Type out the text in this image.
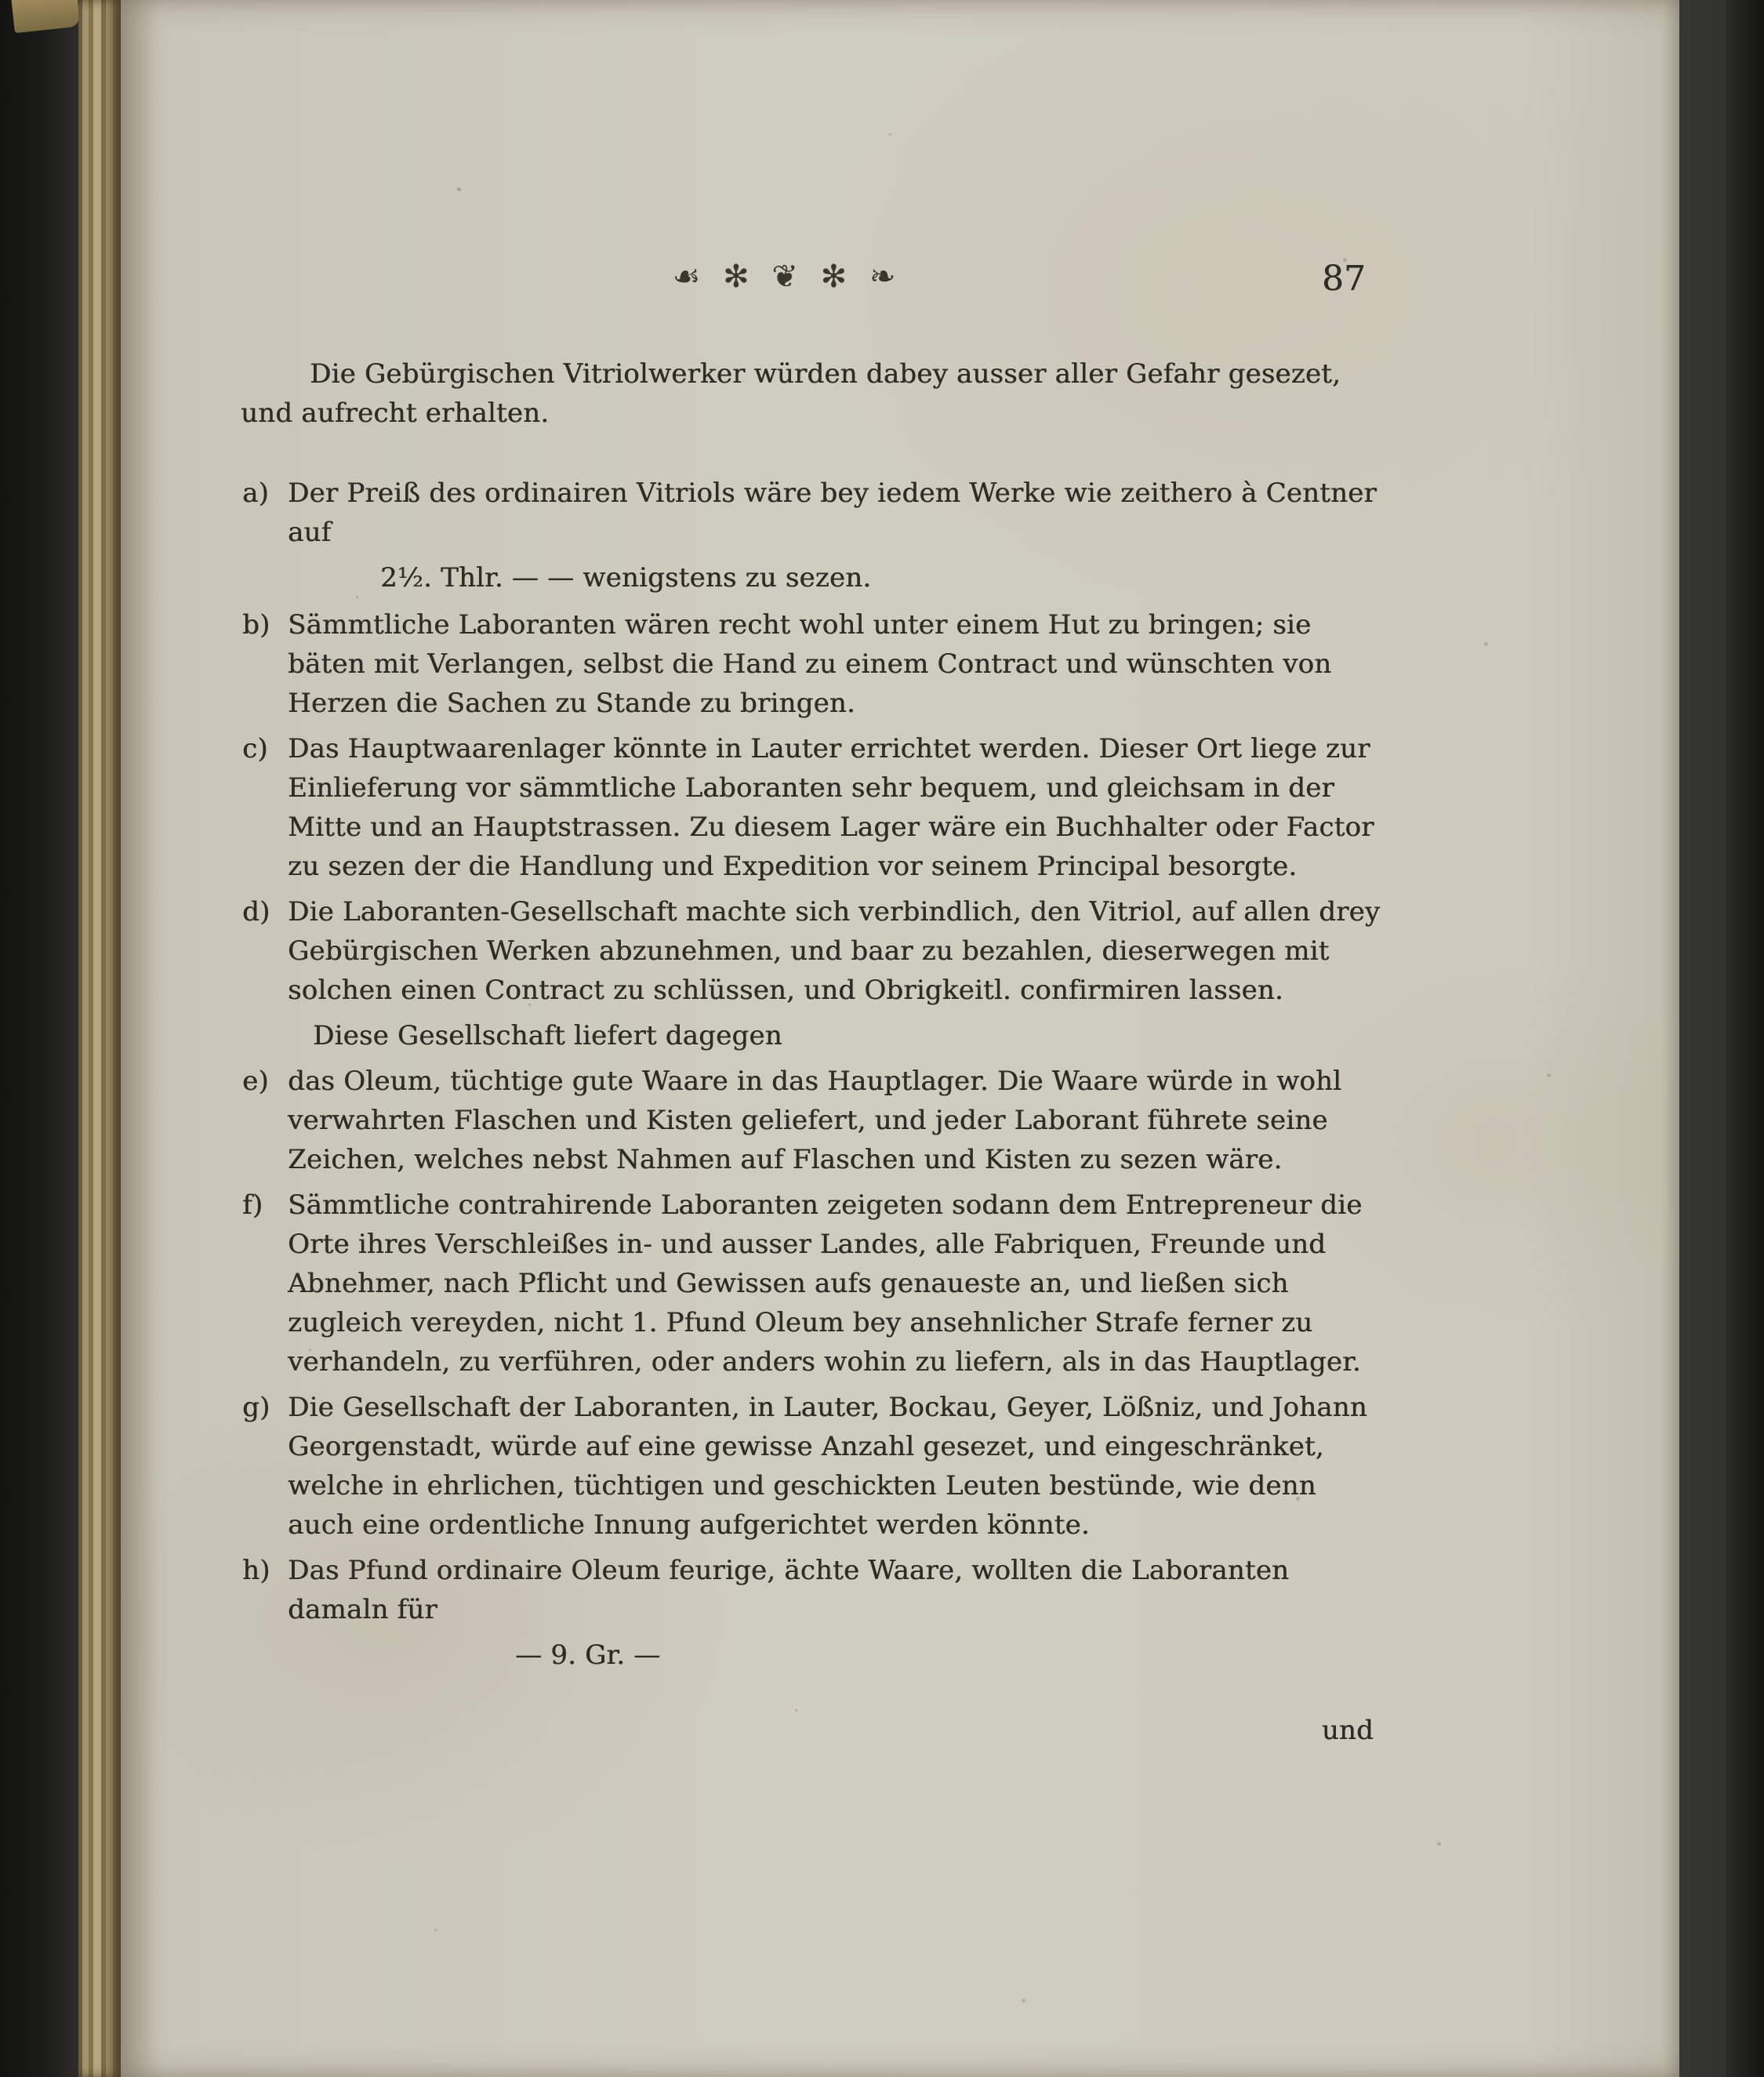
☙ ✻ ❦ ✻ ❧	87

Die Gebürgischen Vitriolwerker würden dabey ausser aller Gefahr gesezet, und aufrecht erhalten.

a) Der Preiß des ordinairen Vitriols wäre bey iedem Werke wie zeithero à Centner auf
2½. Thlr. — — wenigstens zu sezen.
b) Sämmtliche Laboranten wären recht wohl unter einem Hut zu bringen; sie bäten mit Verlangen, selbst die Hand zu einem Contract und wünschten von Herzen die Sachen zu Stande zu bringen.
c) Das Hauptwaarenlager könnte in Lauter errichtet werden. Dieser Ort liege zur Einlieferung vor sämmtliche Laboranten sehr bequem, und gleichsam in der Mitte und an Hauptstrassen. Zu diesem Lager wäre ein Buchhalter oder Factor zu sezen der die Handlung und Expedition vor seinem Principal besorgte.
d) Die Laboranten-Gesellschaft machte sich verbindlich, den Vitriol, auf allen drey Gebürgischen Werken abzunehmen, und baar zu bezahlen, dieserwegen mit solchen einen Contract zu schlüssen, und Obrigkeitl. confirmiren lassen.
Diese Gesellschaft liefert dagegen
e) das Oleum, tüchtige gute Waare in das Hauptlager. Die Waare würde in wohl verwahrten Flaschen und Kisten geliefert, und jeder Laborant führete seine Zeichen, welches nebst Nahmen auf Flaschen und Kisten zu sezen wäre.
f) Sämmtliche contrahirende Laboranten zeigeten sodann dem Entrepreneur die Orte ihres Verschleißes in- und ausser Landes, alle Fabriquen, Freunde und Abnehmer, nach Pflicht und Gewissen aufs genaueste an, und ließen sich zugleich vereyden, nicht 1. Pfund Oleum bey ansehnlicher Strafe ferner zu verhandeln, zu verführen, oder anders wohin zu liefern, als in das Hauptlager.
g) Die Gesellschaft der Laboranten, in Lauter, Bockau, Geyer, Lößniz, und Johann Georgenstadt, würde auf eine gewisse Anzahl gesezet, und eingeschränket, welche in ehrlichen, tüchtigen und geschickten Leuten bestünde, wie denn auch eine ordentliche Innung aufgerichtet werden könnte.
h) Das Pfund ordinaire Oleum feurige, ächte Waare, wollten die Laboranten damaln für
— 9. Gr. —
und
